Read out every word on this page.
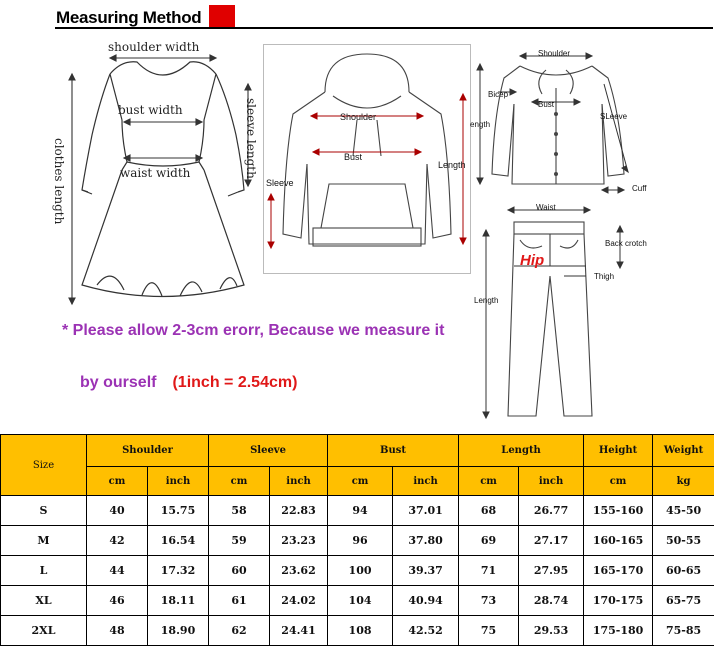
Measuring Method
shoulder width
bust width
waist width	sleeve length
clothes length
Shoulder
Bust
Length
Sleeve
Shoulder
Bicep
Bust
ength
SLeeve
Cuff
Waist
Back crotch
Hip
Thigh
Length
* Please allow 2-3cm erorr, Because we measure it
by ourself (1inch = 2.54cm)
Size	Shoulder		Sleeve		Bust		Length		Height	Weight
	cm	inch	cm	inch	cm	inch	cm	inch	cm	kg
S	40	15.75	58	22.83	94	37.01	68	26.77	155-160	45-50
M	42	16.54	59	23.23	96	37.80	69	27.17	160-165	50-55
L	44	17.32	60	23.62	100	39.37	71	27.95	165-170	60-65
XL	46	18.11	61	24.02	104	40.94	73	28.74	170-175	65-75
2XL	48	18.90	62	24.41	108	42.52	75	29.53	175-180	75-85
